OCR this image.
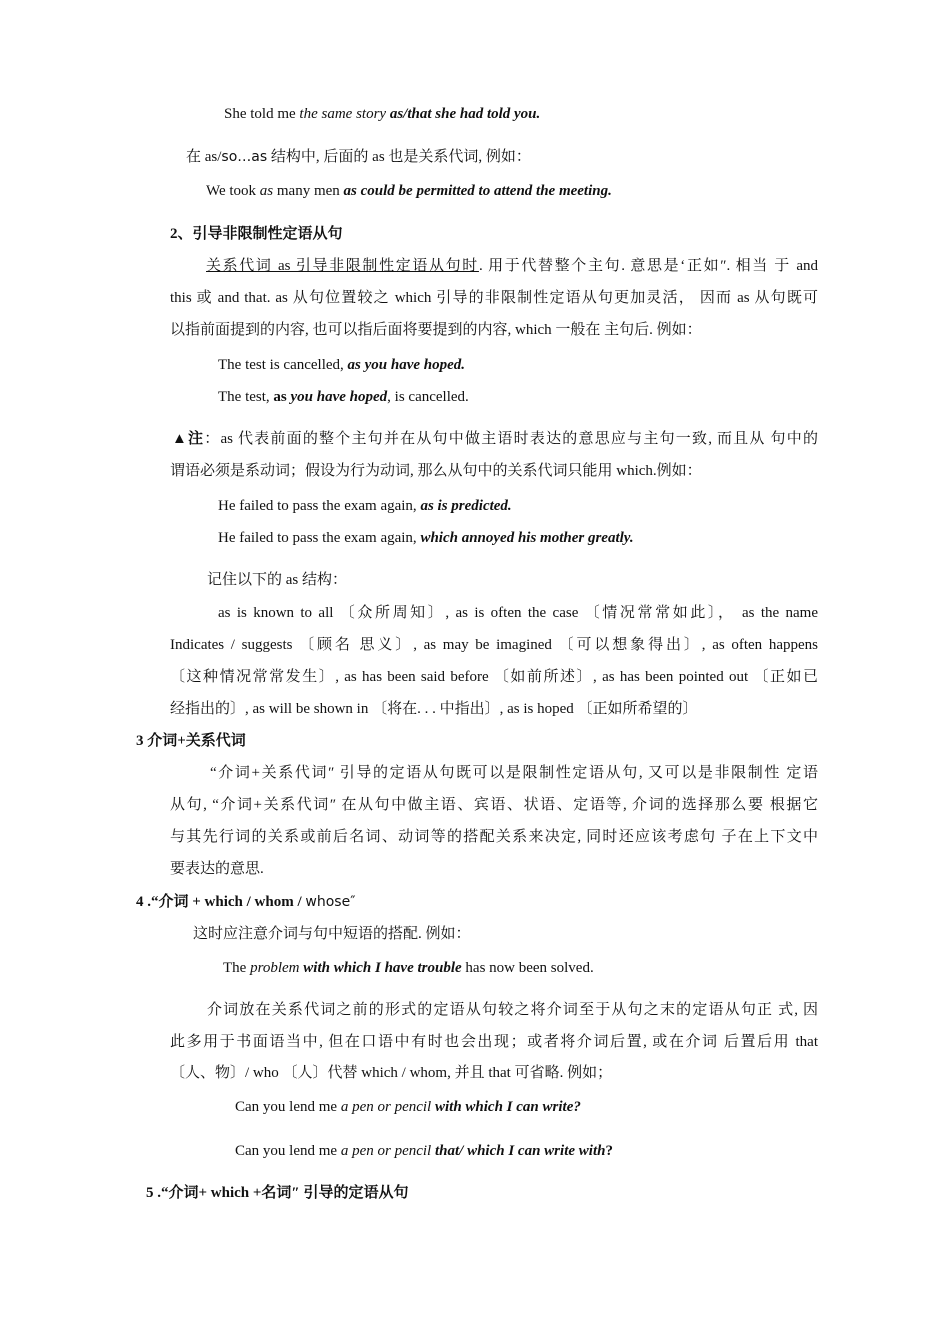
She told me the same story as/that she had told you.
在 as/so…as 结构中, 后面的 as 也是关系代词, 例如：
We took as many men as could be permitted to attend the meeting.
2、引导非限制性定语从句
关系代词 as 引导非限制性定语从句时. 用于代替整个主句. 意思是‘正如″. 相当 于 and
this 或 and that. as 从句位置较之 which 引导的非限制性定语从句更加灵活， 因而 as 从句既可
以指前面提到的内容, 也可以指后面将要提到的内容, which 一般在 主句后. 例如：
The test is cancelled, as you have hoped.
The test, as you have hoped, is cancelled.
▲注：as 代表前面的整个主句并在从句中做主语时表达的意思应与主句一致, 而且从 句中的
谓语必须是系动词；假设为行为动词, 那么从句中的关系代词只能用 which.例如：
He failed to pass the exam again, as is predicted.
He failed to pass the exam again, which annoyed his mother greatly.
记住以下的 as 结构：
as is known to all 〔众所周知〕, as is often the case 〔情况常常如此〕， as the name
Indicates / suggests 〔顾名 思义〕, as may be imagined 〔可以想象得出〕, as often happens
〔这种情况常常发生〕, as has been said before 〔如前所述〕, as has been pointed out 〔正如已
经指出的〕, as will be shown in 〔将在. . . 中指出〕, as is hoped 〔正如所希望的〕
3 介词+关系代词
“介词+关系代词″ 引导的定语从句既可以是限制性定语从句, 又可以是非限制性 定语
从句, “介词+关系代词″ 在从句中做主语、宾语、状语、定语等, 介词的选择那么要 根据它
与其先行词的关系或前后名词、动词等的搭配关系来决定, 同时还应该考虑句 子在上下文中
要表达的意思.
4 .“介词 + which / whom / whose″
这时应注意介词与句中短语的搭配. 例如：
The problem with which I have trouble has now been solved.
介词放在关系代词之前的形式的定语从句较之将介词至于从句之末的定语从句正 式, 因
此多用于书面语当中, 但在口语中有时也会出现；或者将介词后置, 或在介词 后置后用 that
〔人、物〕/ who 〔人〕代替 which / whom, 并且 that 可省略. 例如；
Can you lend me a pen or pencil with which I can write?
Can you lend me a pen or pencil that/ which I can write with?
5 .“介词+ which +名词″ 引导的定语从句
